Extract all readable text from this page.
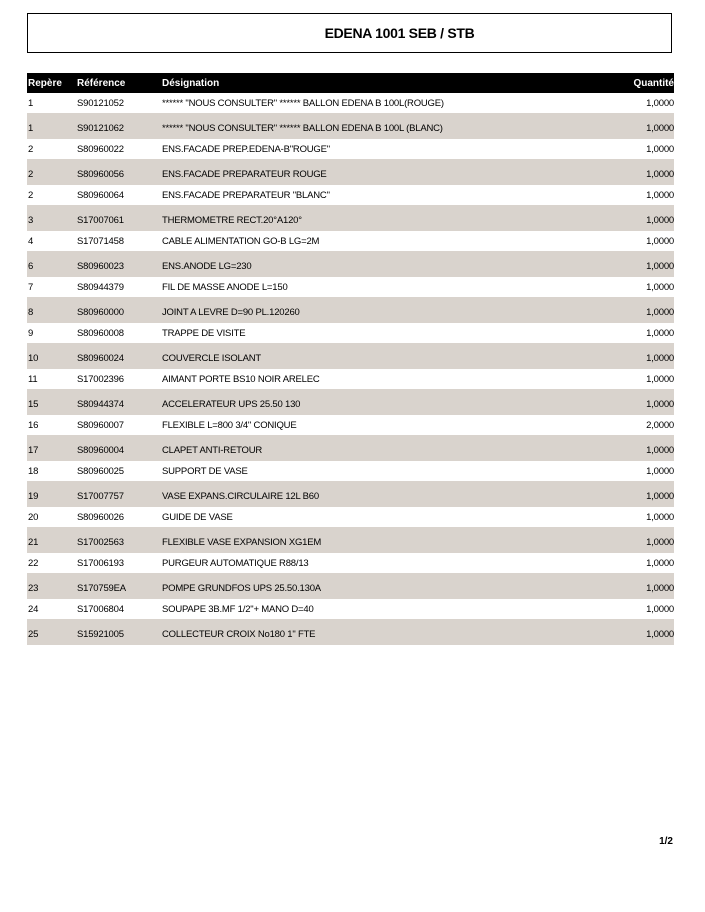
EDENA 1001 SEB / STB
Repère	Référence	Désignation	Quantité
1	S90121052	****** "NOUS CONSULTER" ****** BALLON EDENA B 100L(ROUGE)	1,0000
1	S90121062	****** "NOUS CONSULTER" ****** BALLON EDENA B 100L (BLANC)	1,0000
2	S80960022	ENS.FACADE PREP.EDENA-B"ROUGE"	1,0000
2	S80960056	ENS.FACADE PREPARATEUR ROUGE	1,0000
2	S80960064	ENS.FACADE PREPARATEUR "BLANC"	1,0000
3	S17007061	THERMOMETRE RECT.20°A120°	1,0000
4	S17071458	CABLE ALIMENTATION GO-B LG=2M	1,0000
6	S80960023	ENS.ANODE LG=230	1,0000
7	S80944379	FIL DE MASSE ANODE L=150	1,0000
8	S80960000	JOINT A LEVRE D=90 PL.120260	1,0000
9	S80960008	TRAPPE DE VISITE	1,0000
10	S80960024	COUVERCLE ISOLANT	1,0000
11	S17002396	AIMANT PORTE BS10 NOIR ARELEC	1,0000
15	S80944374	ACCELERATEUR UPS 25.50 130	1,0000
16	S80960007	FLEXIBLE L=800 3/4" CONIQUE	2,0000
17	S80960004	CLAPET ANTI-RETOUR	1,0000
18	S80960025	SUPPORT DE VASE	1,0000
19	S17007757	VASE EXPANS.CIRCULAIRE 12L B60	1,0000
20	S80960026	GUIDE DE VASE	1,0000
21	S17002563	FLEXIBLE VASE EXPANSION XG1EM	1,0000
22	S17006193	PURGEUR AUTOMATIQUE R88/13	1,0000
23	S170759EA	POMPE GRUNDFOS UPS 25.50.130A	1,0000
24	S17006804	SOUPAPE 3B.MF 1/2"+ MANO D=40	1,0000
25	S15921005	COLLECTEUR CROIX No180 1" FTE	1,0000
1/2
